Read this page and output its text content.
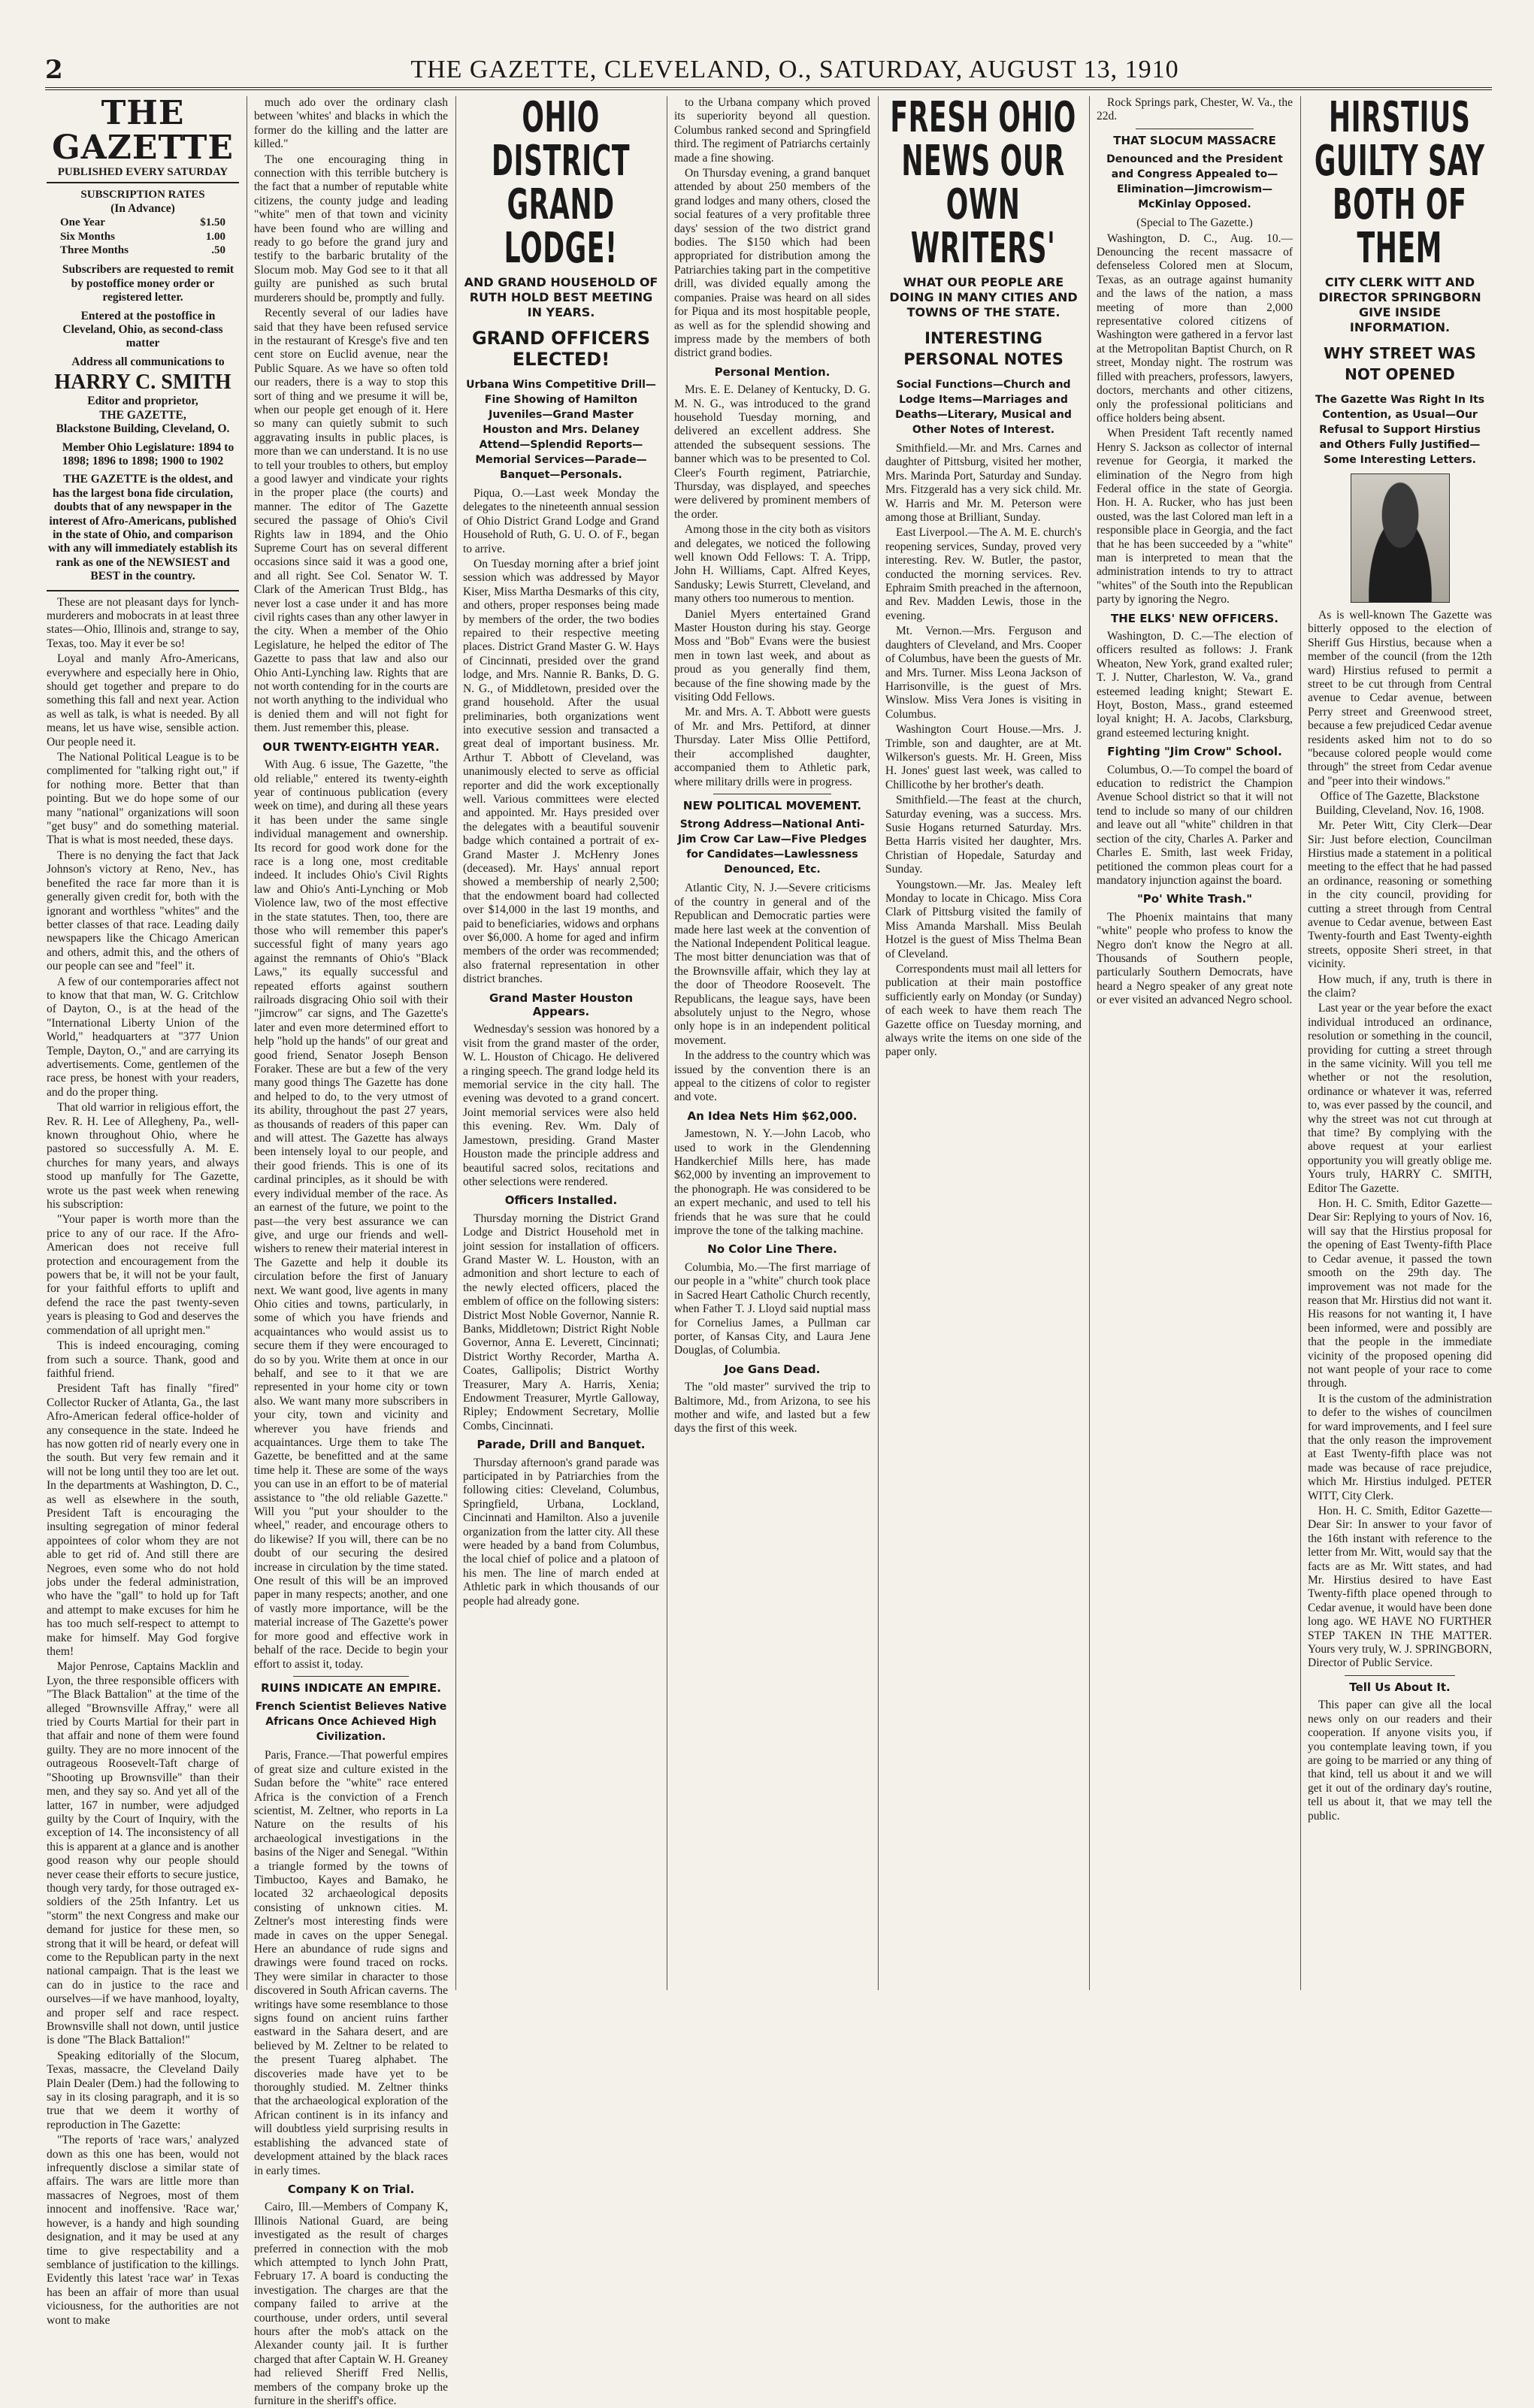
2	THE GAZETTE, CLEVELAND, O., SATURDAY, AUGUST 13, 1910
THE GAZETTE
PUBLISHED EVERY SATURDAY
SUBSCRIPTION RATES
(In Advance)
One Year	$1.50
Six Months	1.00
Three Months	.50

Subscribers are requested to remit by postoffice money order or registered letter.

Entered at the postoffice in Cleveland, Ohio, as second-class matter

Address all communications to

HARRY C. SMITH
Editor and proprietor,
THE GAZETTE,
Blackstone Building, Cleveland, O.

Member Ohio Legislature: 1894 to 1898; 1896 to 1898; 1900 to 1902

THE GAZETTE is the oldest, and has the largest bona fide circulation, doubts that of any newspaper in the interest of Afro-Americans, published in the state of Ohio, and comparison with any will immediately establish its rank as one of the NEWSIEST and BEST in the country.

These are not pleasant days for lynch-murderers and mobocrats in at least three states—Ohio, Illinois and, strange to say, Texas, too. May it ever be so!

Loyal and manly Afro-Americans, everywhere and especially here in Ohio, should get together and prepare to do something this fall and next year. Action as well as talk, is what is needed. By all means, let us have wise, sensible action. Our people need it.

The National Political League is to be complimented for "talking right out," if for nothing more. Better that than pointing. But we do hope some of our many "national" organizations will soon "get busy" and do something material. That is what is most needed, these days.

There is no denying the fact that Jack Johnson's victory at Reno, Nev., has benefited the race far more than it is generally given credit for, both with the ignorant and worthless "whites" and the better classes of that race. Leading daily newspapers like the Chicago American and others, admit this, and the others of our people can see and "feel" it.

A few of our contemporaries affect not to know that that man, W. G. Critchlow of Dayton, O., is at the head of the "International Liberty Union of the World," headquarters at "377 Union Temple, Dayton, O.," and are carrying its advertisements. Come, gentlemen of the race press, be honest with your readers, and do the proper thing.

That old warrior in religious effort, the Rev. R. H. Lee of Allegheny, Pa., well-known throughout Ohio, where he pastored so successfully A. M. E. churches for many years, and always stood up manfully for The Gazette, wrote us the past week when renewing his subscription:

"Your paper is worth more than the price to any of our race. If the Afro-American does not receive full protection and encouragement from the powers that be, it will not be your fault, for your faithful efforts to uplift and defend the race the past twenty-seven years is pleasing to God and deserves the commendation of all upright men."

This is indeed encouraging, coming from such a source. Thank, good and faithful friend.

President Taft has finally "fired" Collector Rucker of Atlanta, Ga., the last Afro-American federal office-holder of any consequence in the state. Indeed he has now gotten rid of nearly every one in the south. But very few remain and it will not be long until they too are let out. In the departments at Washington, D. C., as well as elsewhere in the south, President Taft is encouraging the insulting segregation of minor federal appointees of color whom they are not able to get rid of. And still there are Negroes, even some who do not hold jobs under the federal administration, who have the "gall" to hold up for Taft and attempt to make excuses for him he has too much self-respect to attempt to make for himself. May God forgive them!

Major Penrose, Captains Macklin and Lyon, the three responsible officers with "The Black Battalion" at the time of the alleged "Brownsville Affray," were all tried by Courts Martial for their part in that affair and none of them were found guilty. They are no more innocent of the outrageous Roosevelt-Taft charge of "Shooting up Brownsville" than their men, and they say so. And yet all of the latter, 167 in number, were adjudged guilty by the Court of Inquiry, with the exception of 14. The inconsistency of all this is apparent at a glance and is another good reason why our people should never cease their efforts to secure justice, though very tardy, for those outraged ex-soldiers of the 25th Infantry. Let us "storm" the next Congress and make our demand for justice for these men, so strong that it will be heard, or defeat will come to the Republican party in the next national campaign. That is the least we can do in justice to the race and ourselves—if we have manhood, loyalty, and proper self and race respect. Brownsville shall not down, until justice is done "The Black Battalion!"

Speaking editorially of the Slocum, Texas, massacre, the Cleveland Daily Plain Dealer (Dem.) had the following to say in its closing paragraph, and it is so true that we deem it worthy of reproduction in The Gazette:

"The reports of 'race wars,' analyzed down as this one has been, would not infrequently disclose a similar state of affairs. The wars are little more than massacres of Negroes, most of them innocent and inoffensive. 'Race war,' however, is a handy and high sounding designation, and it may be used at any time to give respectability and a semblance of justification to the killings. Evidently this latest 'race war' in Texas has been an affair of more than usual viciousness, for the authorities are not wont to make

much ado over the ordinary clash between 'whites' and blacks in which the former do the killing and the latter are killed."

The one encouraging thing in connection with this terrible butchery is the fact that a number of reputable white citizens, the county judge and leading "white" men of that town and vicinity have been found who are willing and ready to go before the grand jury and testify to the barbaric brutality of the Slocum mob. May God see to it that all guilty are punished as such brutal murderers should be, promptly and fully.

Recently several of our ladies have said that they have been refused service in the restaurant of Kresge's five and ten cent store on Euclid avenue, near the Public Square. As we have so often told our readers, there is a way to stop this sort of thing and we presume it will be, when our people get enough of it. Here so many can quietly submit to such aggravating insults in public places, is more than we can understand. It is no use to tell your troubles to others, but employ a good lawyer and vindicate your rights in the proper place (the courts) and manner. The editor of The Gazette secured the passage of Ohio's Civil Rights law in 1894, and the Ohio Supreme Court has on several different occasions since said it was a good one, and all right. See Col. Senator W. T. Clark of the American Trust Bldg., has never lost a case under it and has more civil rights cases than any other lawyer in the city. When a member of the Ohio Legislature, he helped the editor of The Gazette to pass that law and also our Ohio Anti-Lynching law. Rights that are not worth contending for in the courts are not worth anything to the individual who is denied them and will not fight for them. Just remember this, please.

OUR TWENTY-EIGHTH YEAR.

With Aug. 6 issue, The Gazette, "the old reliable," entered its twenty-eighth year of continuous publication (every week on time), and during all these years it has been under the same single individual management and ownership. Its record for good work done for the race is a long one, most creditable indeed. It includes Ohio's Civil Rights law and Ohio's Anti-Lynching or Mob Violence law, two of the most effective in the state statutes. Then, too, there are those who will remember this paper's successful fight of many years ago against the remnants of Ohio's "Black Laws," its equally successful and repeated efforts against southern railroads disgracing Ohio soil with their "jimcrow" car signs, and The Gazette's later and even more determined effort to help "hold up the hands" of our great and good friend, Senator Joseph Benson Foraker. These are but a few of the very many good things The Gazette has done and helped to do, to the very utmost of its ability, throughout the past 27 years, as thousands of readers of this paper can and will attest. The Gazette has always been intensely loyal to our people, and their good friends. This is one of its cardinal principles, as it should be with every individual member of the race. As an earnest of the future, we point to the past—the very best assurance we can give, and urge our friends and well-wishers to renew their material interest in The Gazette and help it double its circulation before the first of January next. We want good, live agents in many Ohio cities and towns, particularly, in some of which you have friends and acquaintances who would assist us to secure them if they were encouraged to do so by you. Write them at once in our behalf, and see to it that we are represented in your home city or town also. We want many more subscribers in your city, town and vicinity and wherever you have friends and acquaintances. Urge them to take The Gazette, be benefitted and at the same time help it. These are some of the ways you can use in an effort to be of material assistance to "the old reliable Gazette." Will you "put your shoulder to the wheel," reader, and encourage others to do likewise? If you will, there can be no doubt of our securing the desired increase in circulation by the time stated. One result of this will be an improved paper in many respects; another, and one of vastly more importance, will be the material increase of The Gazette's power for more good and effective work in behalf of the race. Decide to begin your effort to assist it, today.

RUINS INDICATE AN EMPIRE.
French Scientist Believes Native Africans Once Achieved High Civilization.

Paris, France.—That powerful empires of great size and culture existed in the Sudan before the "white" race entered Africa is the conviction of a French scientist, M. Zeltner, who reports in La Nature on the results of his archaeological investigations in the basins of the Niger and Senegal. "Within a triangle formed by the towns of Timbuctoo, Kayes and Bamako, he located 32 archaeological deposits consisting of unknown cities. M. Zeltner's most interesting finds were made in caves on the upper Senegal. Here an abundance of rude signs and drawings were found traced on rocks. They were similar in character to those discovered in South African caverns. The writings have some resemblance to those signs found on ancient ruins farther eastward in the Sahara desert, and are believed by M. Zeltner to be related to the present Tuareg alphabet. The discoveries made have yet to be thoroughly studied. M. Zeltner thinks that the archaeological exploration of the African continent is in its infancy and will doubtless yield surprising results in establishing the advanced state of development attained by the black races in early times.

Company K on Trial.

Cairo, Ill.—Members of Company K, Illinois National Guard, are being investigated as the result of charges preferred in connection with the mob which attempted to lynch John Pratt, February 17. A board is conducting the investigation. The charges are that the company failed to arrive at the courthouse, under orders, until several hours after the mob's attack on the Alexander county jail. It is further charged that after Captain W. H. Greaney had relieved Sheriff Fred Nellis, members of the company broke up the furniture in the sheriff's office.

OHIO DISTRICT GRAND LODGE!
AND GRAND HOUSEHOLD OF RUTH HOLD BEST MEETING IN YEARS.
GRAND OFFICERS ELECTED!
Urbana Wins Competitive Drill—Fine Showing of Hamilton Juveniles—Grand Master Houston and Mrs. Delaney Attend—Splendid Reports—Memorial Services—Parade—Banquet—Personals.

Piqua, O.—Last week Monday the delegates to the nineteenth annual session of Ohio District Grand Lodge and Grand Household of Ruth, G. U. O. of F., began to arrive.

On Tuesday morning after a brief joint session which was addressed by Mayor Kiser, Miss Martha Desmarks of this city, and others, proper responses being made by members of the order, the two bodies repaired to their respective meeting places. District Grand Master G. W. Hays of Cincinnati, presided over the grand lodge, and Mrs. Nannie R. Banks, D. G. N. G., of Middletown, presided over the grand household. After the usual preliminaries, both organizations went into executive session and transacted a great deal of important business. Mr. Arthur T. Abbott of Cleveland, was unanimously elected to serve as official reporter and did the work exceptionally well. Various committees were elected and appointed. Mr. Hays presided over the delegates with a beautiful souvenir badge which contained a portrait of ex-Grand Master J. McHenry Jones (deceased). Mr. Hays' annual report showed a membership of nearly 2,500; that the endowment board had collected over $14,000 in the last 19 months, and paid to beneficiaries, widows and orphans over $6,000. A home for aged and infirm members of the order was recommended; also fraternal representation in other district branches.

Grand Master Houston Appears.

Wednesday's session was honored by a visit from the grand master of the order, W. L. Houston of Chicago. He delivered a ringing speech. The grand lodge held its memorial service in the city hall. The evening was devoted to a grand concert. Joint memorial services were also held this evening. Rev. Wm. Daly of Jamestown, presiding. Grand Master Houston made the principle address and beautiful sacred solos, recitations and other selections were rendered.

Officers Installed.

Thursday morning the District Grand Lodge and District Household met in joint session for installation of officers. Grand Master W. L. Houston, with an admonition and short lecture to each of the newly elected officers, placed the emblem of office on the following sisters: District Most Noble Governor, Nannie R. Banks, Middletown; District Right Noble Governor, Anna E. Leverett, Cincinnati; District Worthy Recorder, Martha A. Coates, Gallipolis; District Worthy Treasurer, Mary A. Harris, Xenia; Endowment Treasurer, Myrtle Galloway, Ripley; Endowment Secretary, Mollie Combs, Cincinnati.

Parade, Drill and Banquet.

Thursday afternoon's grand parade was participated in by Patriarchies from the following cities: Cleveland, Columbus, Springfield, Urbana, Lockland, Cincinnati and Hamilton. Also a juvenile organization from the latter city. All these were headed by a band from Columbus, the local chief of police and a platoon of his men. The line of march ended at Athletic park in which thousands of our people had already gone.

to the Urbana company which proved its superiority beyond all question. Columbus ranked second and Springfield third. The regiment of Patriarchs certainly made a fine showing.

On Thursday evening, a grand banquet attended by about 250 members of the grand lodges and many others, closed the social features of a very profitable three days' session of the two district grand bodies. The $150 which had been appropriated for distribution among the Patriarchies taking part in the competitive drill, was divided equally among the companies. Praise was heard on all sides for Piqua and its most hospitable people, as well as for the splendid showing and impress made by the members of both district grand bodies.

Personal Mention.

Mrs. E. E. Delaney of Kentucky, D. G. M. N. G., was introduced to the grand household Tuesday morning, and delivered an excellent address. She attended the subsequent sessions. The banner which was to be presented to Col. Cleer's Fourth regiment, Patriarchie, Thursday, was displayed, and speeches were delivered by prominent members of the order.

Among those in the city both as visitors and delegates, we noticed the following well known Odd Fellows: T. A. Tripp, John H. Williams, Capt. Alfred Keyes, Sandusky; Lewis Sturrett, Cleveland, and many others too numerous to mention.

Daniel Myers entertained Grand Master Houston during his stay. George Moss and "Bob" Evans were the busiest men in town last week, and about as proud as you generally find them, because of the fine showing made by the visiting Odd Fellows.

Mr. and Mrs. A. T. Abbott were guests of Mr. and Mrs. Pettiford, at dinner Thursday. Later Miss Ollie Pettiford, their accomplished daughter, accompanied them to Athletic park, where military drills were in progress.

NEW POLITICAL MOVEMENT.
Strong Address—National Anti-Jim Crow Car Law—Five Pledges for Candidates—Lawlessness Denounced, Etc.

Atlantic City, N. J.—Severe criticisms of the country in general and of the Republican and Democratic parties were made here last week at the convention of the National Independent Political league. The most bitter denunciation was that of the Brownsville affair, which they lay at the door of Theodore Roosevelt. The Republicans, the league says, have been absolutely unjust to the Negro, whose only hope is in an independent political movement.

In the address to the country which was issued by the convention there is an appeal to the citizens of color to register and vote.

An Idea Nets Him $62,000.

Jamestown, N. Y.—John Lacob, who used to work in the Glendenning Handkerchief Mills here, has made $62,000 by inventing an improvement to the phonograph. He was considered to be an expert mechanic, and used to tell his friends that he was sure that he could improve the tone of the talking machine.

No Color Line There.

Columbia, Mo.—The first marriage of our people in a "white" church took place in Sacred Heart Catholic Church recently, when Father T. J. Lloyd said nuptial mass for Cornelius James, a Pullman car porter, of Kansas City, and Laura Jene Douglas, of Columbia.

Joe Gans Dead.

The "old master" survived the trip to Baltimore, Md., from Arizona, to see his mother and wife, and lasted but a few days the first of this week.

FRESH OHIO NEWS OUR OWN WRITERS'
WHAT OUR PEOPLE ARE DOING IN MANY CITIES AND TOWNS OF THE STATE.
INTERESTING PERSONAL NOTES
Social Functions—Church and Lodge Items—Marriages and Deaths—Literary, Musical and Other Notes of Interest.

Smithfield.—Mr. and Mrs. Carnes and daughter of Pittsburg, visited her mother, Mrs. Marinda Port, Saturday and Sunday. Mrs. Fitzgerald has a very sick child. Mr. W. Harris and Mr. M. Peterson were among those at Brilliant, Sunday.

East Liverpool.—The A. M. E. church's reopening services, Sunday, proved very interesting. Rev. W. Butler, the pastor, conducted the morning services. Rev. Ephraim Smith preached in the afternoon, and Rev. Madden Lewis, those in the evening.

Mt. Vernon.—Mrs. Ferguson and daughters of Cleveland, and Mrs. Cooper of Columbus, have been the guests of Mr. and Mrs. Turner. Miss Leona Jackson of Harrisonville, is the guest of Mrs. Winslow. Miss Vera Jones is visiting in Columbus.

Washington Court House.—Mrs. J. Trimble, son and daughter, are at Mt. Wilkerson's guests. Mr. H. Green, Miss H. Jones' guest last week, was called to Chillicothe by her brother's death.

Smithfield.—The feast at the church, Saturday evening, was a success. Mrs. Susie Hogans returned Saturday. Mrs. Betta Harris visited her daughter, Mrs. Christian of Hopedale, Saturday and Sunday.

Youngstown.—Mr. Jas. Mealey left Monday to locate in Chicago. Miss Cora Clark of Pittsburg visited the family of Miss Amanda Marshall. Miss Beulah Hotzel is the guest of Miss Thelma Bean of Cleveland.

Correspondents must mail all letters for publication at their main postoffice sufficiently early on Monday (or Sunday) of each week to have them reach The Gazette office on Tuesday morning, and always write the items on one side of the paper only.

Rock Springs park, Chester, W. Va., the 22d.

THAT SLOCUM MASSACRE
Denounced and the President and Congress Appealed to—Elimination—Jimcrowism—McKinlay Opposed.

(Special to The Gazette.)

Washington, D. C., Aug. 10.—Denouncing the recent massacre of defenseless Colored men at Slocum, Texas, as an outrage against humanity and the laws of the nation, a mass meeting of more than 2,000 representative colored citizens of Washington were gathered in a fervor last at the Metropolitan Baptist Church, on R street, Monday night. The rostrum was filled with preachers, professors, lawyers, doctors, merchants and other citizens, only the professional politicians and office holders being absent.

When President Taft recently named Henry S. Jackson as collector of internal revenue for Georgia, it marked the elimination of the Negro from high Federal office in the state of Georgia. Hon. H. A. Rucker, who has just been ousted, was the last Colored man left in a responsible place in Georgia, and the fact that he has been succeeded by a "white" man is interpreted to mean that the administration intends to try to attract "whites" of the South into the Republican party by ignoring the Negro.

THE ELKS' NEW OFFICERS.

Washington, D. C.—The election of officers resulted as follows: J. Frank Wheaton, New York, grand exalted ruler; T. J. Nutter, Charleston, W. Va., grand esteemed leading knight; Stewart E. Hoyt, Boston, Mass., grand esteemed loyal knight; H. A. Jacobs, Clarksburg, grand esteemed lecturing knight.

Fighting "Jim Crow" School.

Columbus, O.—To compel the board of education to redistrict the Champion Avenue School district so that it will not tend to include so many of our children and leave out all "white" children in that section of the city, Charles A. Parker and Charles E. Smith, last week Friday, petitioned the common pleas court for a mandatory injunction against the board.

"Po' White Trash."

The Phoenix maintains that many "white" people who profess to know the Negro don't know the Negro at all. Thousands of Southern people, particularly Southern Democrats, have heard a Negro speaker of any great note or ever visited an advanced Negro school.

HIRSTIUS GUILTY SAY BOTH OF THEM
CITY CLERK WITT AND DIRECTOR SPRINGBORN GIVE INSIDE INFORMATION.
WHY STREET WAS NOT OPENED
The Gazette Was Right In Its Contention, as Usual—Our Refusal to Support Hirstius and Others Fully Justified—Some Interesting Letters.

As is well-known The Gazette was bitterly opposed to the election of Sheriff Gus Hirstius, because when a member of the council (from the 12th ward) Hirstius refused to permit a street to be cut through from Central avenue to Cedar avenue, between Perry street and Greenwood street, because a few prejudiced Cedar avenue residents asked him not to do so "because colored people would come through" the street from Cedar avenue and "peer into their windows."

Office of The Gazette, Blackstone Building, Cleveland, Nov. 16, 1908.

Mr. Peter Witt, City Clerk—Dear Sir: Just before election, Councilman Hirstius made a statement in a political meeting to the effect that he had passed an ordinance, reasoning or something in the city council, providing for cutting a street through from Central avenue to Cedar avenue, between East Twenty-fourth and East Twenty-eighth streets, opposite Sheri street, in that vicinity.

How much, if any, truth is there in the claim?

Last year or the year before the exact individual introduced an ordinance, resolution or something in the council, providing for cutting a street through in the same vicinity. Will you tell me whether or not the resolution, ordinance or whatever it was, referred to, was ever passed by the council, and why the street was not cut through at that time? By complying with the above request at your earliest opportunity you will greatly oblige me. Yours truly, HARRY C. SMITH, Editor The Gazette.

Hon. H. C. Smith, Editor Gazette—Dear Sir: Replying to yours of Nov. 16, will say that the Hirstius proposal for the opening of East Twenty-fifth Place to Cedar avenue, it passed the town smooth on the 29th day. The improvement was not made for the reason that Mr. Hirstius did not want it. His reasons for not wanting it, I have been informed, were and possibly are that the people in the immediate vicinity of the proposed opening did not want people of your race to come through.

It is the custom of the administration to defer to the wishes of councilmen for ward improvements, and I feel sure that the only reason the improvement at East Twenty-fifth place was not made was because of race prejudice, which Mr. Hirstius indulged. PETER WITT, City Clerk.

Hon. H. C. Smith, Editor Gazette—Dear Sir: In answer to your favor of the 16th instant with reference to the letter from Mr. Witt, would say that the facts are as Mr. Witt states, and had Mr. Hirstius desired to have East Twenty-fifth place opened through to Cedar avenue, it would have been done long ago. WE HAVE NO FURTHER STEP TAKEN IN THE MATTER. Yours very truly, W. J. SPRINGBORN, Director of Public Service.

Tell Us About It.

This paper can give all the local news only on our readers and their cooperation. If anyone visits you, if you contemplate leaving town, if you are going to be married or any thing of that kind, tell us about it and we will get it out of the ordinary day's routine, tell us about it, that we may tell the public.
